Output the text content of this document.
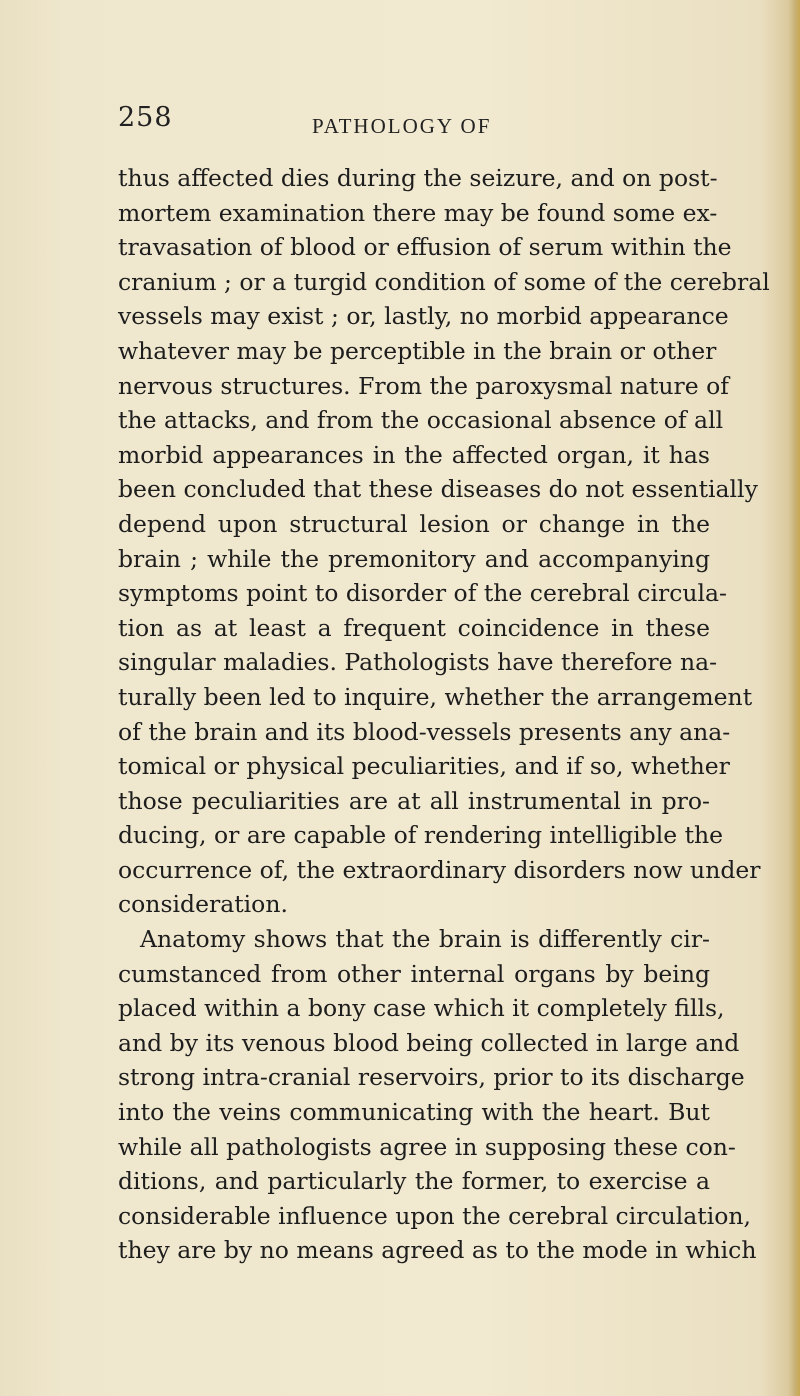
258	PATHOLOGY OF
thus affected dies during the seizure, and on post-
mortem examination there may be found some ex-
travasation of blood or effusion of serum within the
cranium ; or a turgid condition of some of the cerebral
vessels may exist ; or, lastly, no morbid appearance
whatever may be perceptible in the brain or other
nervous structures. From the paroxysmal nature of
the attacks, and from the occasional absence of all
morbid appearances in the affected organ, it has
been concluded that these diseases do not essentially
depend upon structural lesion or change in the
brain ; while the premonitory and accompanying
symptoms point to disorder of the cerebral circula-
tion as at least a frequent coincidence in these
singular maladies. Pathologists have therefore na-
turally been led to inquire, whether the arrangement
of the brain and its blood-vessels presents any ana-
tomical or physical peculiarities, and if so, whether
those peculiarities are at all instrumental in pro-
ducing, or are capable of rendering intelligible the
occurrence of, the extraordinary disorders now under
consideration.
Anatomy shows that the brain is differently cir-
cumstanced from other internal organs by being
placed within a bony case which it completely fills,
and by its venous blood being collected in large and
strong intra-cranial reservoirs, prior to its discharge
into the veins communicating with the heart. But
while all pathologists agree in supposing these con-
ditions, and particularly the former, to exercise a
considerable influence upon the cerebral circulation,
they are by no means agreed as to the mode in which
